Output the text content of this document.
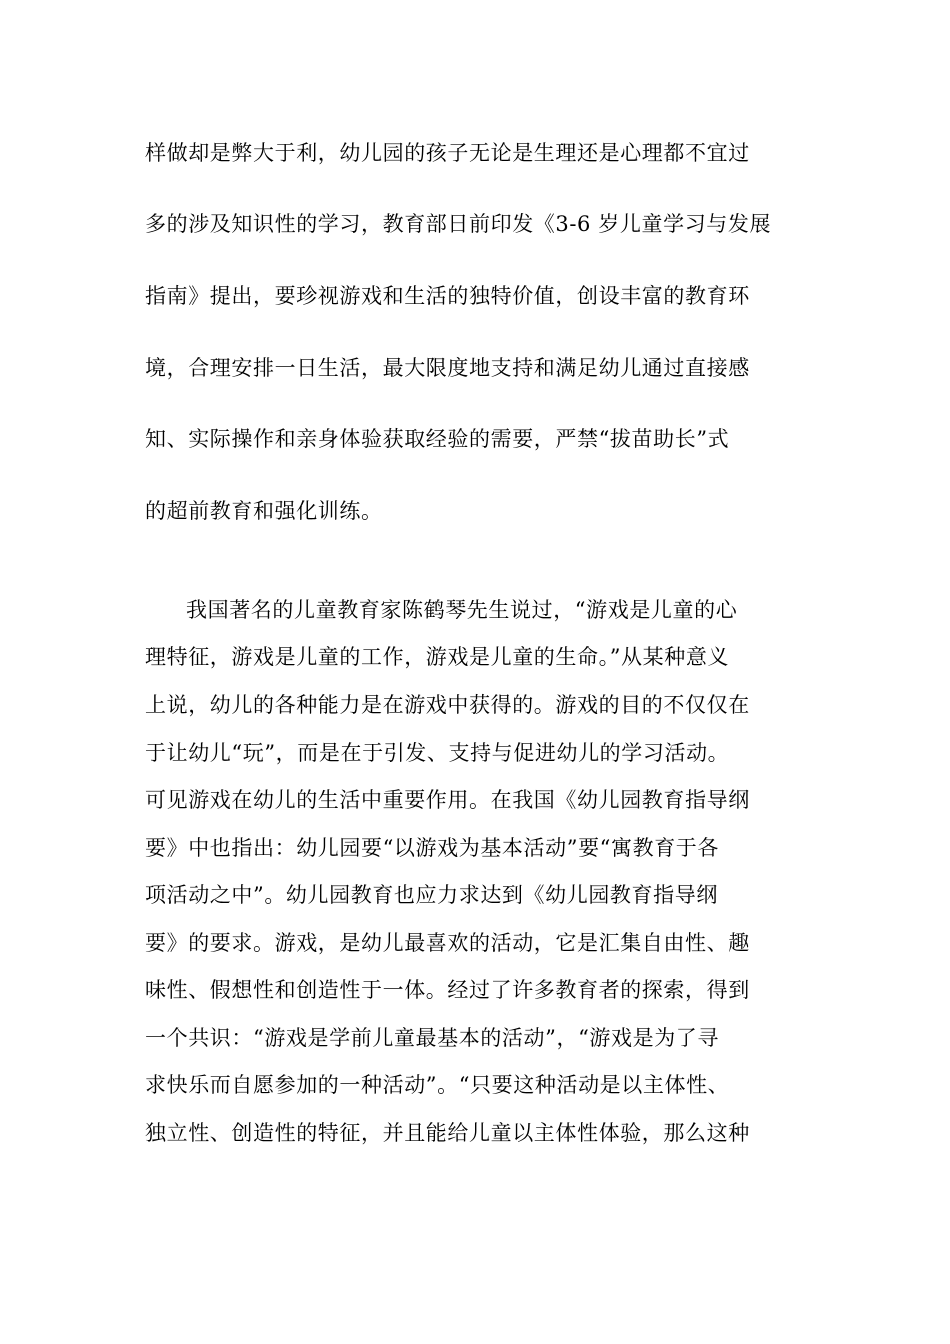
样做却是弊大于利，幼儿园的孩子无论是生理还是心理都不宜过
多的涉及知识性的学习，教育部日前印发《3-6 岁儿童学习与发展
指南》提出，要珍视游戏和生活的独特价值，创设丰富的教育环
境，合理安排一日生活，最大限度地支持和满足幼儿通过直接感
知、实际操作和亲身体验获取经验的需要，严禁“拔苗助长”式
的超前教育和强化训练。
我国著名的儿童教育家陈鹤琴先生说过，“游戏是儿童的心
理特征，游戏是儿童的工作，游戏是儿童的生命。”从某种意义
上说，幼儿的各种能力是在游戏中获得的。游戏的目的不仅仅在
于让幼儿“玩”，而是在于引发、支持与促进幼儿的学习活动。
可见游戏在幼儿的生活中重要作用。在我国《幼儿园教育指导纲
要》中也指出：幼儿园要“以游戏为基本活动”要“寓教育于各
项活动之中”。幼儿园教育也应力求达到《幼儿园教育指导纲
要》的要求。游戏，是幼儿最喜欢的活动，它是汇集自由性、趣
味性、假想性和创造性于一体。经过了许多教育者的探索，得到
一个共识：“游戏是学前儿童最基本的活动”，“游戏是为了寻
求快乐而自愿参加的一种活动”。“只要这种活动是以主体性、
独立性、创造性的特征，并且能给儿童以主体性体验，那么这种
